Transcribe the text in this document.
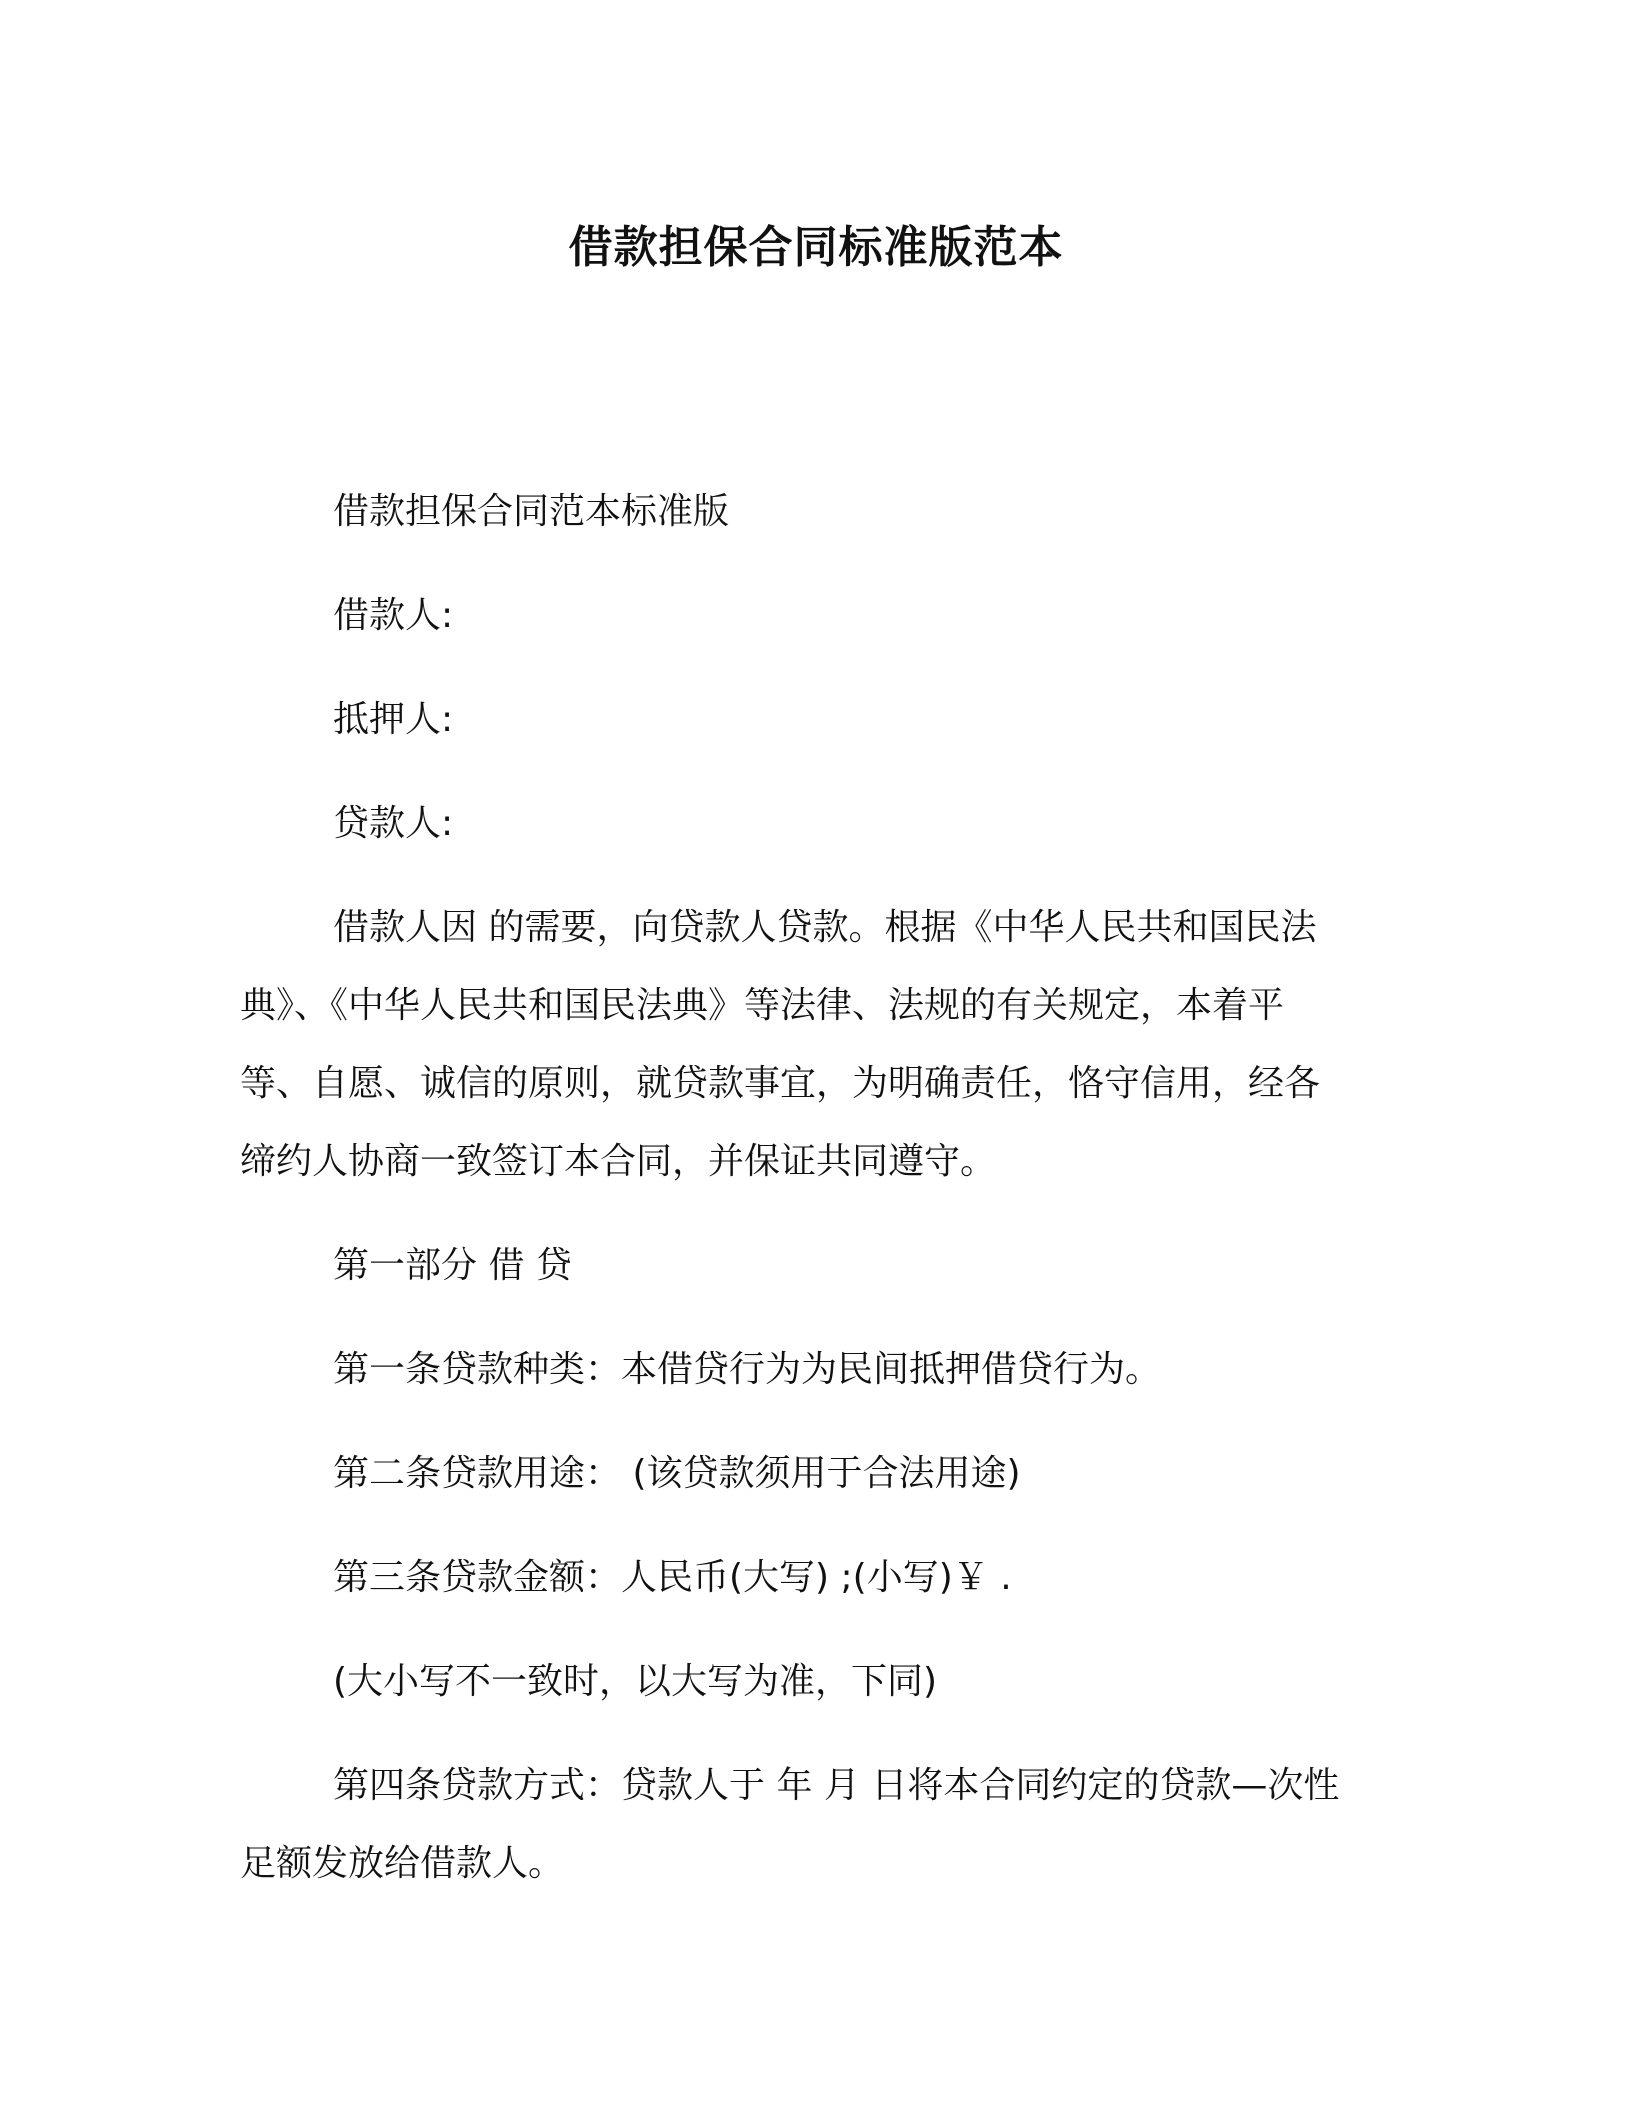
借款担保合同标准版范本
借款担保合同范本标准版
借款人:
抵押人:
贷款人:
借款人因 的需要，向贷款人贷款。根据《中华人民共和国民法
典》、《中华人民共和国民法典》等法律、法规的有关规定，本着平
等、自愿、诚信的原则，就贷款事宜，为明确责任，恪守信用，经各
缔约人协商一致签订本合同，并保证共同遵守。
第一部分 借 贷
第一条贷款种类：本借贷行为为民间抵押借贷行为。
第二条贷款用途： (该贷款须用于合法用途)
第三条贷款金额：人民币(大写) ;(小写)￥ .
(大小写不一致时，以大写为准，下同)
第四条贷款方式：贷款人于 年 月 日将本合同约定的贷款—次性
足额发放给借款人。
